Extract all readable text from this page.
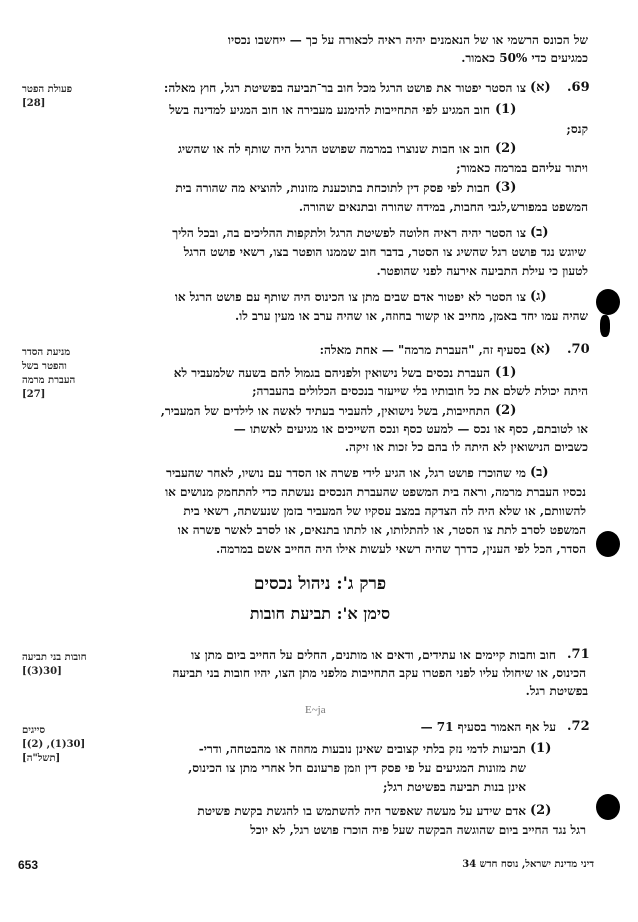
של הכונס הרשמי או של הנאמנים יהיה ראיה לכאורה על כך — ייחשבו נכסיו
כמגיעים כדי 50% כאמור.
.69
(א)
צו הסטר יפטור את פושט הרגל מכל חוב בר־תביעה בפשיטת רגל, חוץ מאלה:
פעולת הפטר
[28]	(1)
חוב המגיע לפי התחייבות להימנע מעבירה או חוב המגיע למדינה בשל
קנס;
(2)
חוב או חבות שנוצרו במרמה שפושט הרגל היה שותף לה או שהשיג
ויתור עליהם במרמה כאמור;
(3)
חבות לפי פסק דין לתוכחת בתוכענת מזונות, להוציא מה שהורה בית
המשפט במפורש,לגבי החבות, במידה שהורה ובתנאים שהורה.
(ב)
צו הסטר יהיה ראיה חלוטה לפשיטת הרגל ולתקפות ההליכים בה, ובכל הליך
שיוגש נגד פושט רגל שהשיג צו הסטר, בדבר חוב שממנו הופטר בצו, רשאי פושט הרגל
לטעון כי עילת התביעה אירעה לפני שהופטר.
(ג)
צו הסטר לא יפטור אדם שבים מתן צו הכינוס היה שותף עם פושט הרגל או
שהיה עמו יחד באמן, מחייב או קשור בחוזה, או שהיה ערב או מעין ערב לו.
.70
(א)
בסעיף זה, "העברת מרמה" — אחת מאלה:
מניעת הסדר
והפטר בשל
העברת מרמה
[27]
(1)
העברת נכסים בשל נישואין ולפניהם בגמול להם בשעה שלמעביר לא
היתה יכולת לשלם את כל חובותיו בלי שייעזר בנכסים הכלולים בהעברה;
(2)
התחייבות, בשל נישואין, להעביר בעתיד לאשה או לילדים של המעביר,
או לטובתם, כסף או נכס — למעט כסף ונכס השייכים או מגיעים לאשתו —
כשביום הנישואין לא היתה לו בהם כל זכות או זיקה.
(ב)
מי שהוכרז פושט רגל, או הגיע לידי פשרה או הסדר עם נושיו, לאחר שהעביר
נכסיו העברת מרמה, וראה בית המשפט שהעברת הנכסים נעשתה כדי להתחמק מנושים או
להשוותם, או שלא היה לה הצדקה במצב עסקיו של המעביר בזמן שנעשתה, רשאי בית
המשפט לסרב לתת צו הסטר, או להתלותו, או לתתו בתנאים, או לסרב לאשר פשרה או
הסדר, הכל לפי הענין, כדרך שהיה רשאי לעשות אילו היה החייב אשם במרמה.
פרק ג': ניהול נכסים
סימן א': תביעת חובות
.71
חוב וחבות קיימים או עתידים, ודאים או מותנים, החלים על החייב ביום מתן צו
הכינוס, או שיחולו עליו לפני הפטרו עקב התחייבות מלפני מתן הצו, יהיו חובות בני תביעה
בפשיטת רגל.
חובות בני תביעה
[30(3)]
E~ja
.72
על אף האמור בסעיף 71 —
סייגים
[30(1), (2)]
[תשל"ה]
(1)
תביעות לדמי נזק בלתי קצובים שאינן נובעות מחוזה או מהבטחה, ודרי-
שת מזונות המגיעים על פי פסק דין וזמן פרעונם חל אחרי מתן צו הכינוס,
אינן בנות תביעה בפשיטת רגל;
(2)
אדם שידע על מעשה שאפשר היה להשתמש בו להגשת בקשת פשיטת
רגל נגד החייב ביום שהוגשה הבקשה שעל פיה הוכרז פושט רגל, לא יוכל
653	דיני מדינת ישראל, נוסח חדש 34
